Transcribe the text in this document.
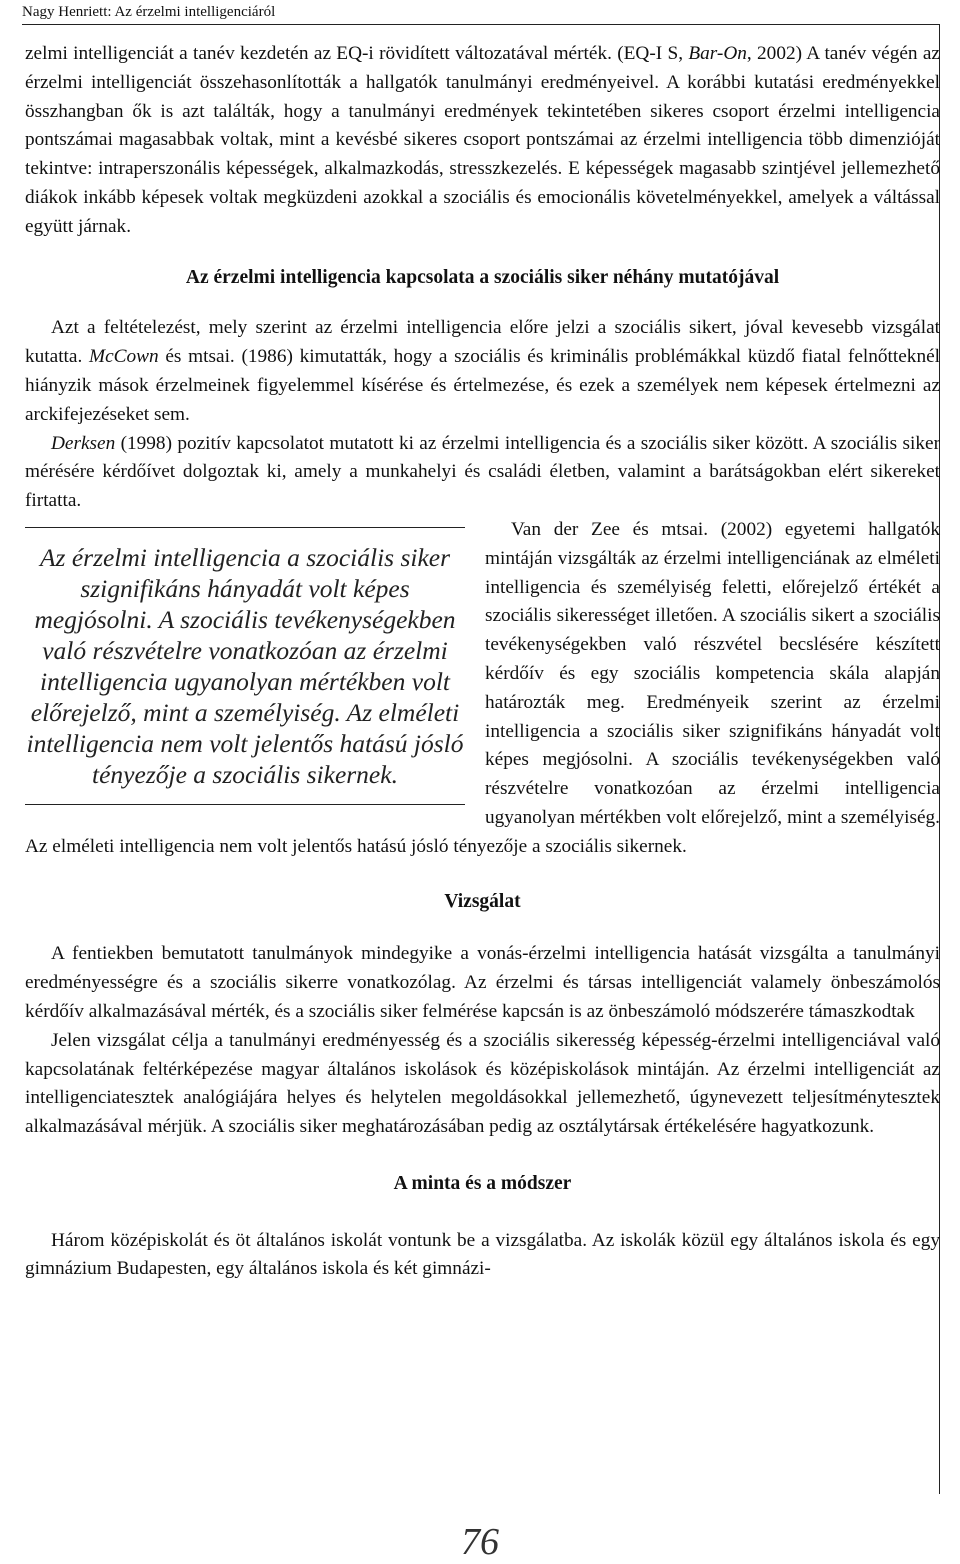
Nagy Henriett: Az érzelmi intelligenciáról

zelmi intelligenciát a tanév kezdetén az EQ-i rövidített változatával mérték. (EQ-I S, Bar-On, 2002) A tanév végén az érzelmi intelligenciát összehasonlították a hallgatók tanulmányi eredményeivel. A korábbi kutatási eredményekkel összhangban ők is azt találták, hogy a tanulmányi eredmények tekintetében sikeres csoport érzelmi intelligencia pontszámai magasabbak voltak, mint a kevésbé sikeres csoport pontszámai az érzelmi intelligencia több dimenzióját tekintve: intraperszonális képességek, alkalmazkodás, stresszkezelés. E képességek magasabb szintjével jellemezhető diákok inkább képesek voltak megküzdeni azokkal a szociális és emocionális követelményekkel, amelyek a váltással együtt járnak.

Az érzelmi intelligencia kapcsolata a szociális siker néhány mutatójával

Azt a feltételezést, mely szerint az érzelmi intelligencia előre jelzi a szociális sikert, jóval kevesebb vizsgálat kutatta. McCown és mtsai. (1986) kimutatták, hogy a szociális és kriminális problémákkal küzdő fiatal felnőtteknél hiányzik mások érzelmeinek figyelemmel kísérése és értelmezése, és ezek a személyek nem képesek értelmezni az arckifejezéseket sem.

Derksen (1998) pozitív kapcsolatot mutatott ki az érzelmi intelligencia és a szociális siker között. A szociális siker mérésére kérdőívet dolgoztak ki, amely a munkahelyi és családi életben, valamint a barátságokban elért sikereket firtatta.

Az érzelmi intelligencia a szociális siker szignifikáns hányadát volt képes megjósolni. A szociális tevékenységekben való részvételre vonatkozóan az érzelmi intelligencia ugyanolyan mértékben volt előrejelző, mint a személyiség. Az elméleti intelligencia nem volt jelentős hatású jósló tényezője a szociális sikernek.

Van der Zee és mtsai. (2002) egyetemi hallgatók mintáján vizsgálták az érzelmi intelligenciának az elméleti intelligencia és személyiség feletti, előrejelző értékét a szociális sikerességet illetően. A szociális sikert a szociális tevékenységekben való részvétel becslésére készített kérdőív és egy szociális kompetencia skála alapján határozták meg. Eredményeik szerint az érzelmi intelligencia a szociális siker szignifikáns hányadát volt képes megjósolni. A szociális tevékenységekben való részvételre vonatkozóan az érzelmi intelligencia ugyanolyan mértékben volt előrejelző, mint a személyiség. Az elméleti intelligencia nem volt jelentős hatású jósló tényezője a szociális sikernek.

Vizsgálat

A fentiekben bemutatott tanulmányok mindegyike a vonás-érzelmi intelligencia hatását vizsgálta a tanulmányi eredményességre és a szociális sikerre vonatkozólag. Az érzelmi és társas intelligenciát valamely önbeszámolós kérdőív alkalmazásával mérték, és a szociális siker felmérése kapcsán is az önbeszámoló módszerére támaszkodtak

Jelen vizsgálat célja a tanulmányi eredményesség és a szociális sikeresség képesség-érzelmi intelligenciával való kapcsolatának feltérképezése magyar általános iskolások és középiskolások mintáján. Az érzelmi intelligenciát az intelligenciatesztek analógiájára helyes és helytelen megoldásokkal jellemezhető, úgynevezett teljesítménytesztek alkalmazásával mérjük. A szociális siker meghatározásában pedig az osztálytársak értékelésére hagyatkozunk.

A minta és a módszer

Három középiskolát és öt általános iskolát vontunk be a vizsgálatba. Az iskolák közül egy általános iskola és egy gimnázium Budapesten, egy általános iskola és két gimnázi-

76
